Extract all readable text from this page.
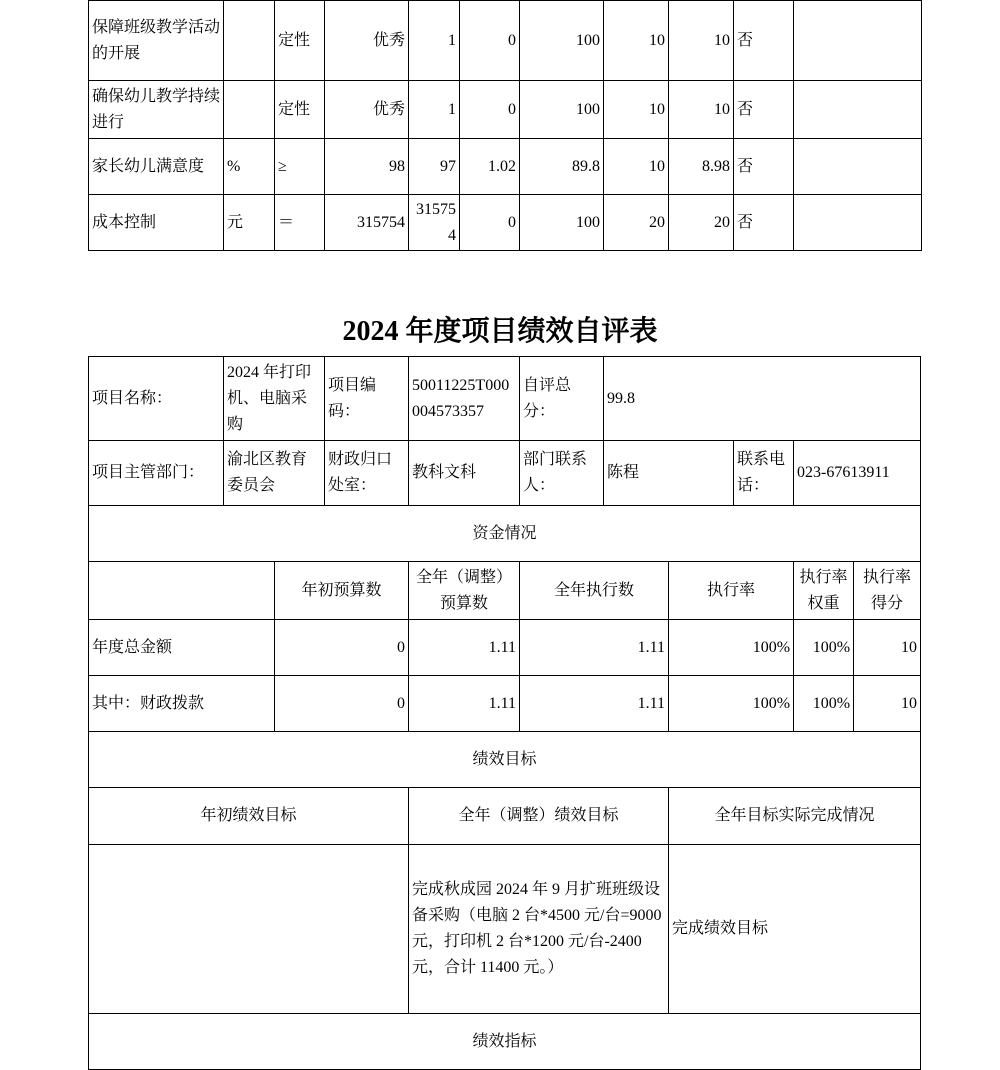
保障班级教学活动的开展		定性	优秀	1	0	100	10	10	否	
确保幼儿教学持续进行		定性	优秀	1	0	100	10	10	否	
家长幼儿满意度	%	≥	98	97	1.02	89.8	10	8.98	否	
成本控制	元	＝	315754	315754	0	100	20	20	否	
2024 年度项目绩效自评表
项目名称：	2024 年打印机、电脑采购		项目编码：	50011225T000004573357	自评总分：	99.8				
项目主管部门：	渝北区教育委员会		财政归口处室：	教科文科	部门联系人：	陈程		联系电话：	023-67613911	
资金情况										
		年初预算数		全年（调整）预算数	全年执行数		执行率		执行率权重	执行率得分
年度总金额		0		1.11	1.11		100%		100%	10
其中：财政拨款		0		1.11	1.11		100%		100%	10
绩效目标										
年初绩效目标				全年（调整）绩效目标			全年目标实际完成情况			
				完成秋成园 2024 年 9 月扩班班级设备采购（电脑 2 台*4500 元/台=9000 元，打印机 2 台*1200 元/台-2400 元，合计 11400 元。）			完成绩效目标			
绩效指标										
